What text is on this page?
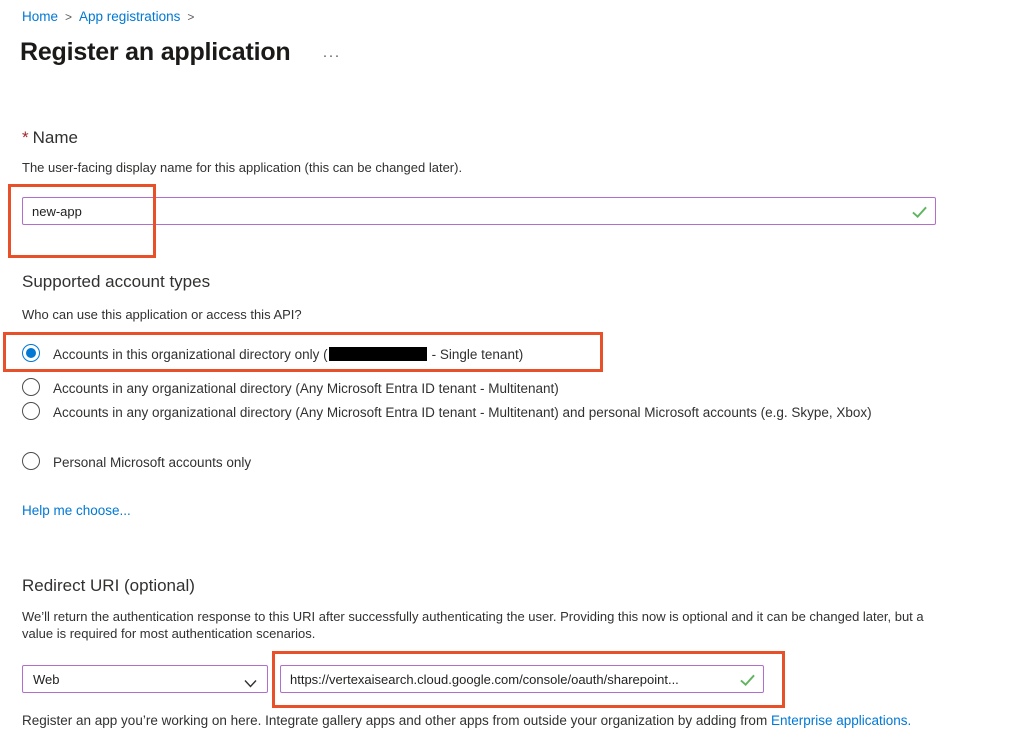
Home > App registrations >
Register an application ···
* Name

The user-facing display name for this application (this can be changed later).

new-app
Supported account types

Who can use this application or access this API?

Accounts in this organizational directory only (	- Single tenant)
Accounts in any organizational directory (Any Microsoft Entra ID tenant - Multitenant)
Accounts in any organizational directory (Any Microsoft Entra ID tenant - Multitenant) and personal Microsoft accounts (e.g. Skype, Xbox)
Personal Microsoft accounts only
Help me choose...
Redirect URI (optional)

We’ll return the authentication response to this URI after successfully authenticating the user. Providing this now is optional and it can be changed later, but a value is required for most authentication scenarios.

Web
https://vertexaisearch.cloud.google.com/console/oauth/sharepoint...

Register an app you’re working on here. Integrate gallery apps and other apps from outside your organization by adding from Enterprise applications.
